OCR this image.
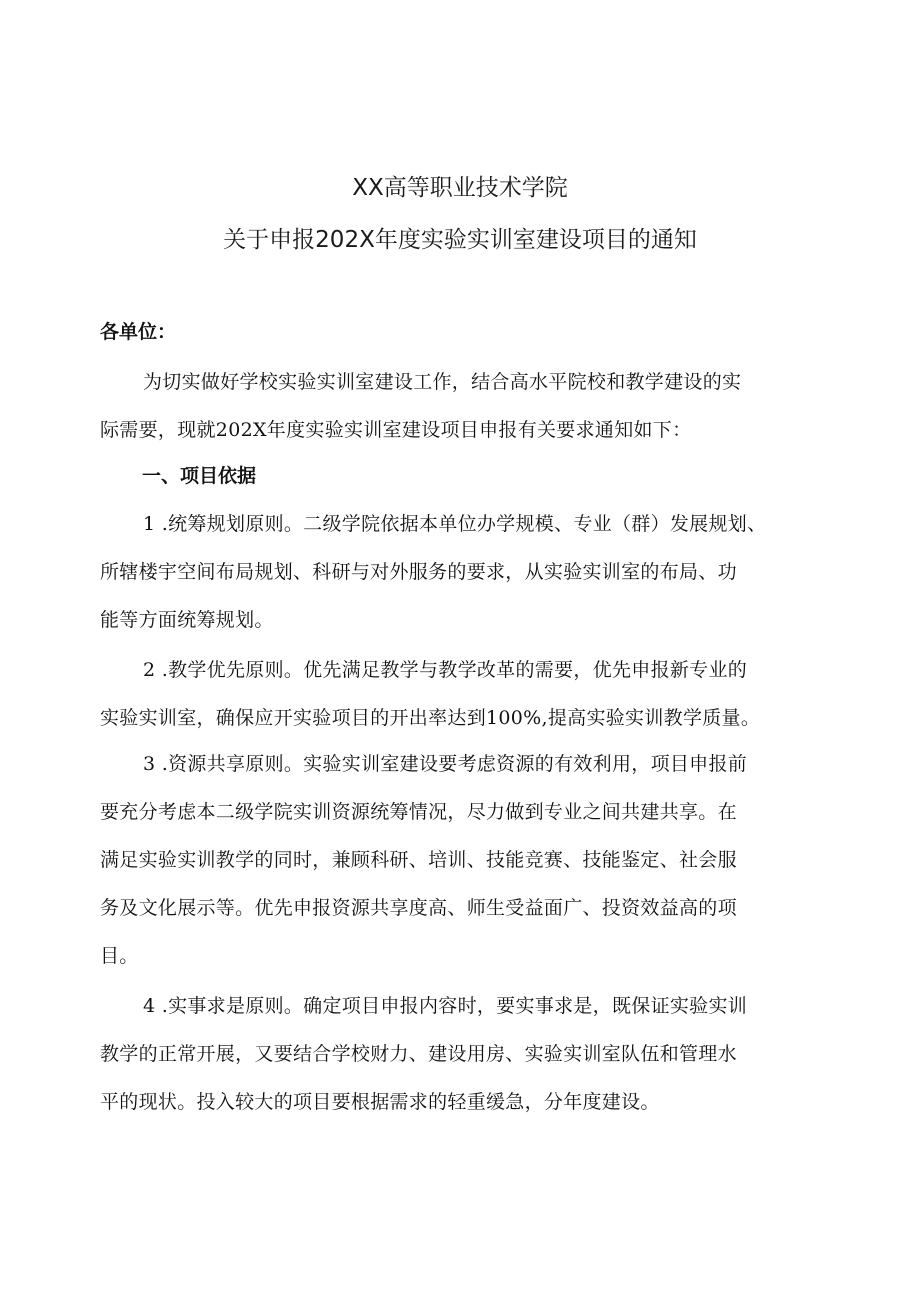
XX高等职业技术学院
关于申报202X年度实验实训室建设项目的通知
各单位：
为切实做好学校实验实训室建设工作，结合高水平院校和教学建设的实
际需要，现就202X年度实验实训室建设项目申报有关要求通知如下：
一、项目依据
1 .统筹规划原则。二级学院依据本单位办学规模、专业（群）发展规划、
所辖楼宇空间布局规划、科研与对外服务的要求，从实验实训室的布局、功
能等方面统筹规划。
2 .教学优先原则。优先满足教学与教学改革的需要，优先申报新专业的
实验实训室，确保应开实验项目的开出率达到100%,提高实验实训教学质量。
3 .资源共享原则。实验实训室建设要考虑资源的有效利用，项目申报前
要充分考虑本二级学院实训资源统筹情况，尽力做到专业之间共建共享。在
满足实验实训教学的同时，兼顾科研、培训、技能竞赛、技能鉴定、社会服
务及文化展示等。优先申报资源共享度高、师生受益面广、投资效益高的项
目。
4 .实事求是原则。确定项目申报内容时，要实事求是，既保证实验实训
教学的正常开展，又要结合学校财力、建设用房、实验实训室队伍和管理水
平的现状。投入较大的项目要根据需求的轻重缓急，分年度建设。
